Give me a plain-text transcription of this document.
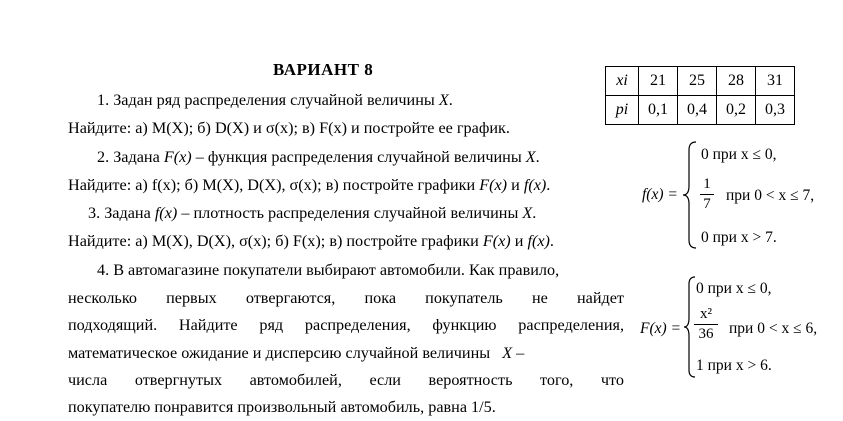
ВАРИАНТ 8
1. Задан ряд распределения случайной величины X.
Найдите: а) M(X); б) D(X) и σ(x); в) F(x) и постройте ее график.
2. Задана F(x) – функция распределения случайной величины X.
Найдите: а) f(x); б) M(X), D(X), σ(x); в) постройте графики F(x) и f(x).
3. Задана f(x) – плотность распределения случайной величины X.
Найдите: а) M(X), D(X), σ(x); б) F(x); в) постройте графики F(x) и f(x).
4. В автомагазине покупатели выбирают автомобили. Как правило,
несколько первых отвергаются, пока покупатель не найдет
подходящий. Найдите ряд распределения, функцию распределения,
математическое ожидание и дисперсию случайной величины X –
числа отвергнутых автомобилей, если вероятность того, что
покупателю понравится произвольный автомобиль, равна 1/5.
xi	21	25	28	31
pi	0,1	0,4	0,2	0,3
f(x) =
0 при x ≤ 0,
1
7 при 0 < x ≤ 7,
0 при x > 7.
F(x) =
0 при x ≤ 0,
x²
36 при 0 < x ≤ 6,
1 при x > 6.
